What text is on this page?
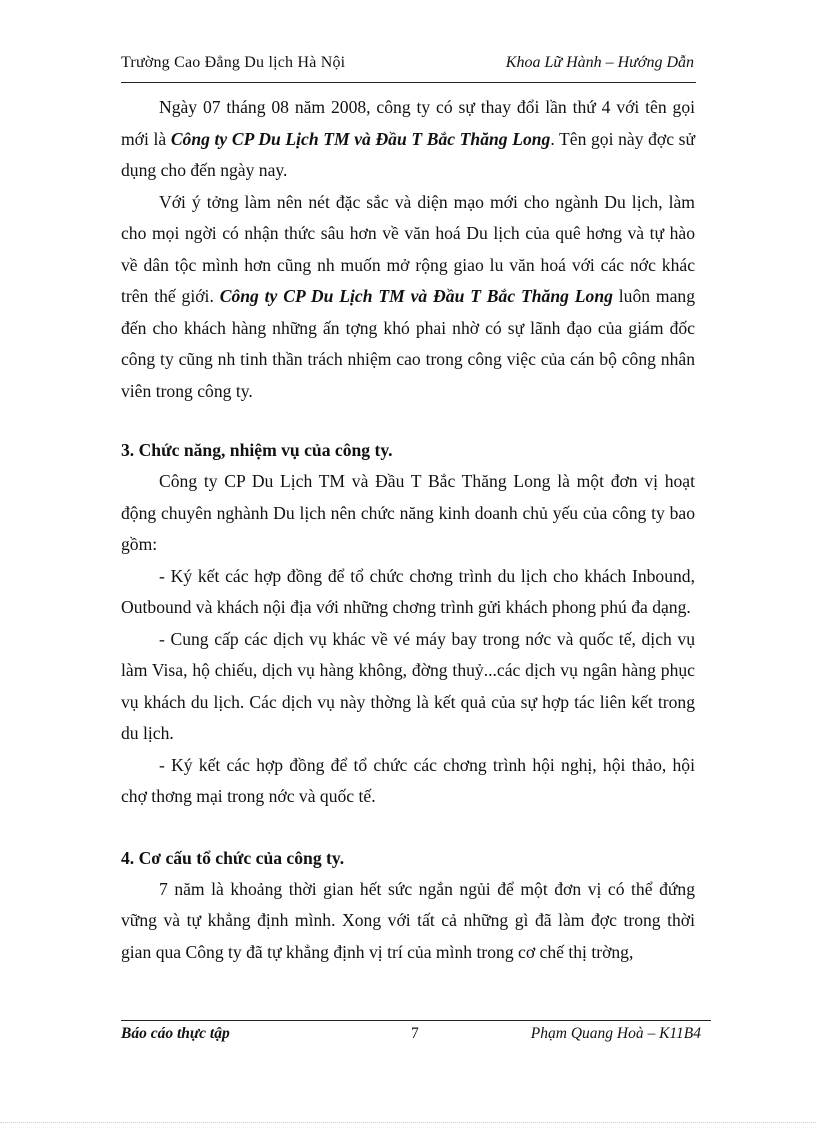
Trường Cao Đẳng Du lịch Hà Nội	Khoa Lữ Hành – Hướng Dẫn

Ngày 07 tháng 08 năm 2008, công ty có sự thay đổi lần thứ 4 với tên gọi mới là Công ty CP Du Lịch TM và Đầu T Bắc Thăng Long. Tên gọi này đợc sử dụng cho đến ngày nay.

Với ý tởng làm nên nét đặc sắc và diện mạo mới cho ngành Du lịch, làm cho mọi ngời có nhận thức sâu hơn về văn hoá Du lịch của quê hơng và tự hào về dân tộc mình hơn cũng nh muốn mở rộng giao lu văn hoá với các nớc khác trên thế giới. Công ty CP Du Lịch TM và Đầu T Bắc Thăng Long luôn mang đến cho khách hàng những ấn tợng khó phai nhờ có sự lãnh đạo của giám đốc công ty cũng nh tinh thần trách nhiệm cao trong công việc của cán bộ công nhân viên trong công ty.

3. Chức năng, nhiệm vụ của công ty.

Công ty CP Du Lịch TM và Đầu T Bắc Thăng Long là một đơn vị hoạt động chuyên nghành Du lịch nên chức năng kinh doanh chủ yếu của công ty bao gồm:

- Ký kết các hợp đồng để tổ chức chơng trình du lịch cho khách Inbound, Outbound và khách nội địa với những chơng trình gửi khách phong phú đa dạng.

- Cung cấp các dịch vụ khác về vé máy bay trong nớc và quốc tế, dịch vụ làm Visa, hộ chiếu, dịch vụ hàng không, đờng thuỷ...các dịch vụ ngân hàng phục vụ khách du lịch. Các dịch vụ này thờng là kết quả của sự hợp tác liên kết trong du lịch.

- Ký kết các hợp đồng để tổ chức các chơng trình hội nghị, hội thảo, hội chợ thơng mại trong nớc và quốc tế.

4. Cơ cấu tổ chức của công ty.

7 năm là khoảng thời gian hết sức ngắn ngủi để một đơn vị có thể đứng vững và tự khẳng định mình. Xong với tất cả những gì đã làm đợc trong thời gian qua Công ty đã tự khẳng định vị trí của mình trong cơ chế thị trờng,

Báo cáo thực tập	7	Phạm Quang Hoà – K11B4
